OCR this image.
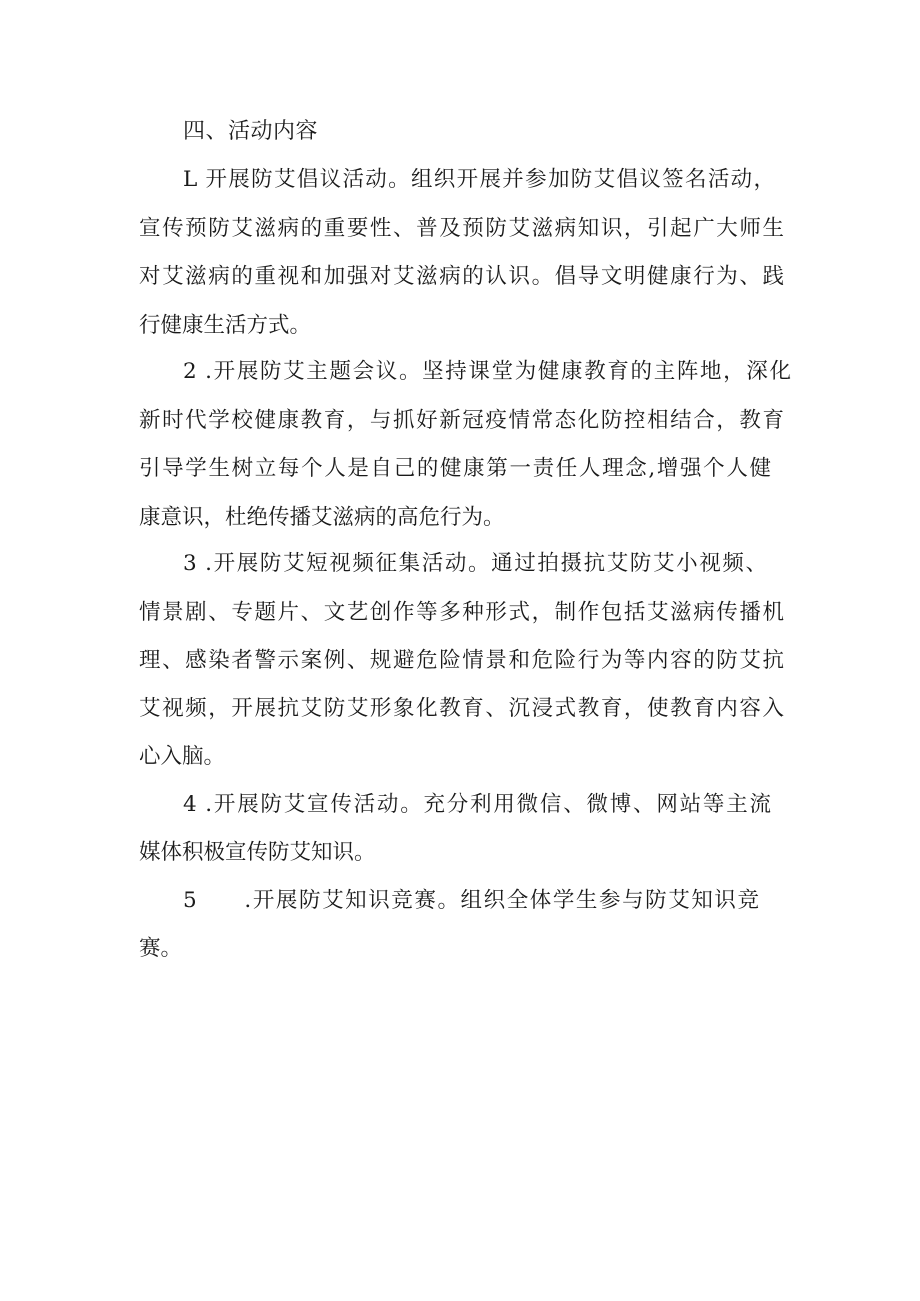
四、活动内容

L 开展防艾倡议活动。组织开展并参加防艾倡议签名活动，

宣传预防艾滋病的重要性、普及预防艾滋病知识，引起广大师生

对艾滋病的重视和加强对艾滋病的认识。倡导文明健康行为、践

行健康生活方式。

2 .开展防艾主题会议。坚持课堂为健康教育的主阵地，深化

新时代学校健康教育，与抓好新冠疫情常态化防控相结合，教育

引导学生树立每个人是自己的健康第一责任人理念,增强个人健

康意识，杜绝传播艾滋病的高危行为。

3 .开展防艾短视频征集活动。通过拍摄抗艾防艾小视频、

情景剧、专题片、文艺创作等多种形式，制作包括艾滋病传播机

理、感染者警示案例、规避危险情景和危险行为等内容的防艾抗

艾视频，开展抗艾防艾形象化教育、沉浸式教育，使教育内容入

心入脑。

4 .开展防艾宣传活动。充分利用微信、微博、网站等主流

媒体积极宣传防艾知识。

5　　.开展防艾知识竞赛。组织全体学生参与防艾知识竞

赛。
